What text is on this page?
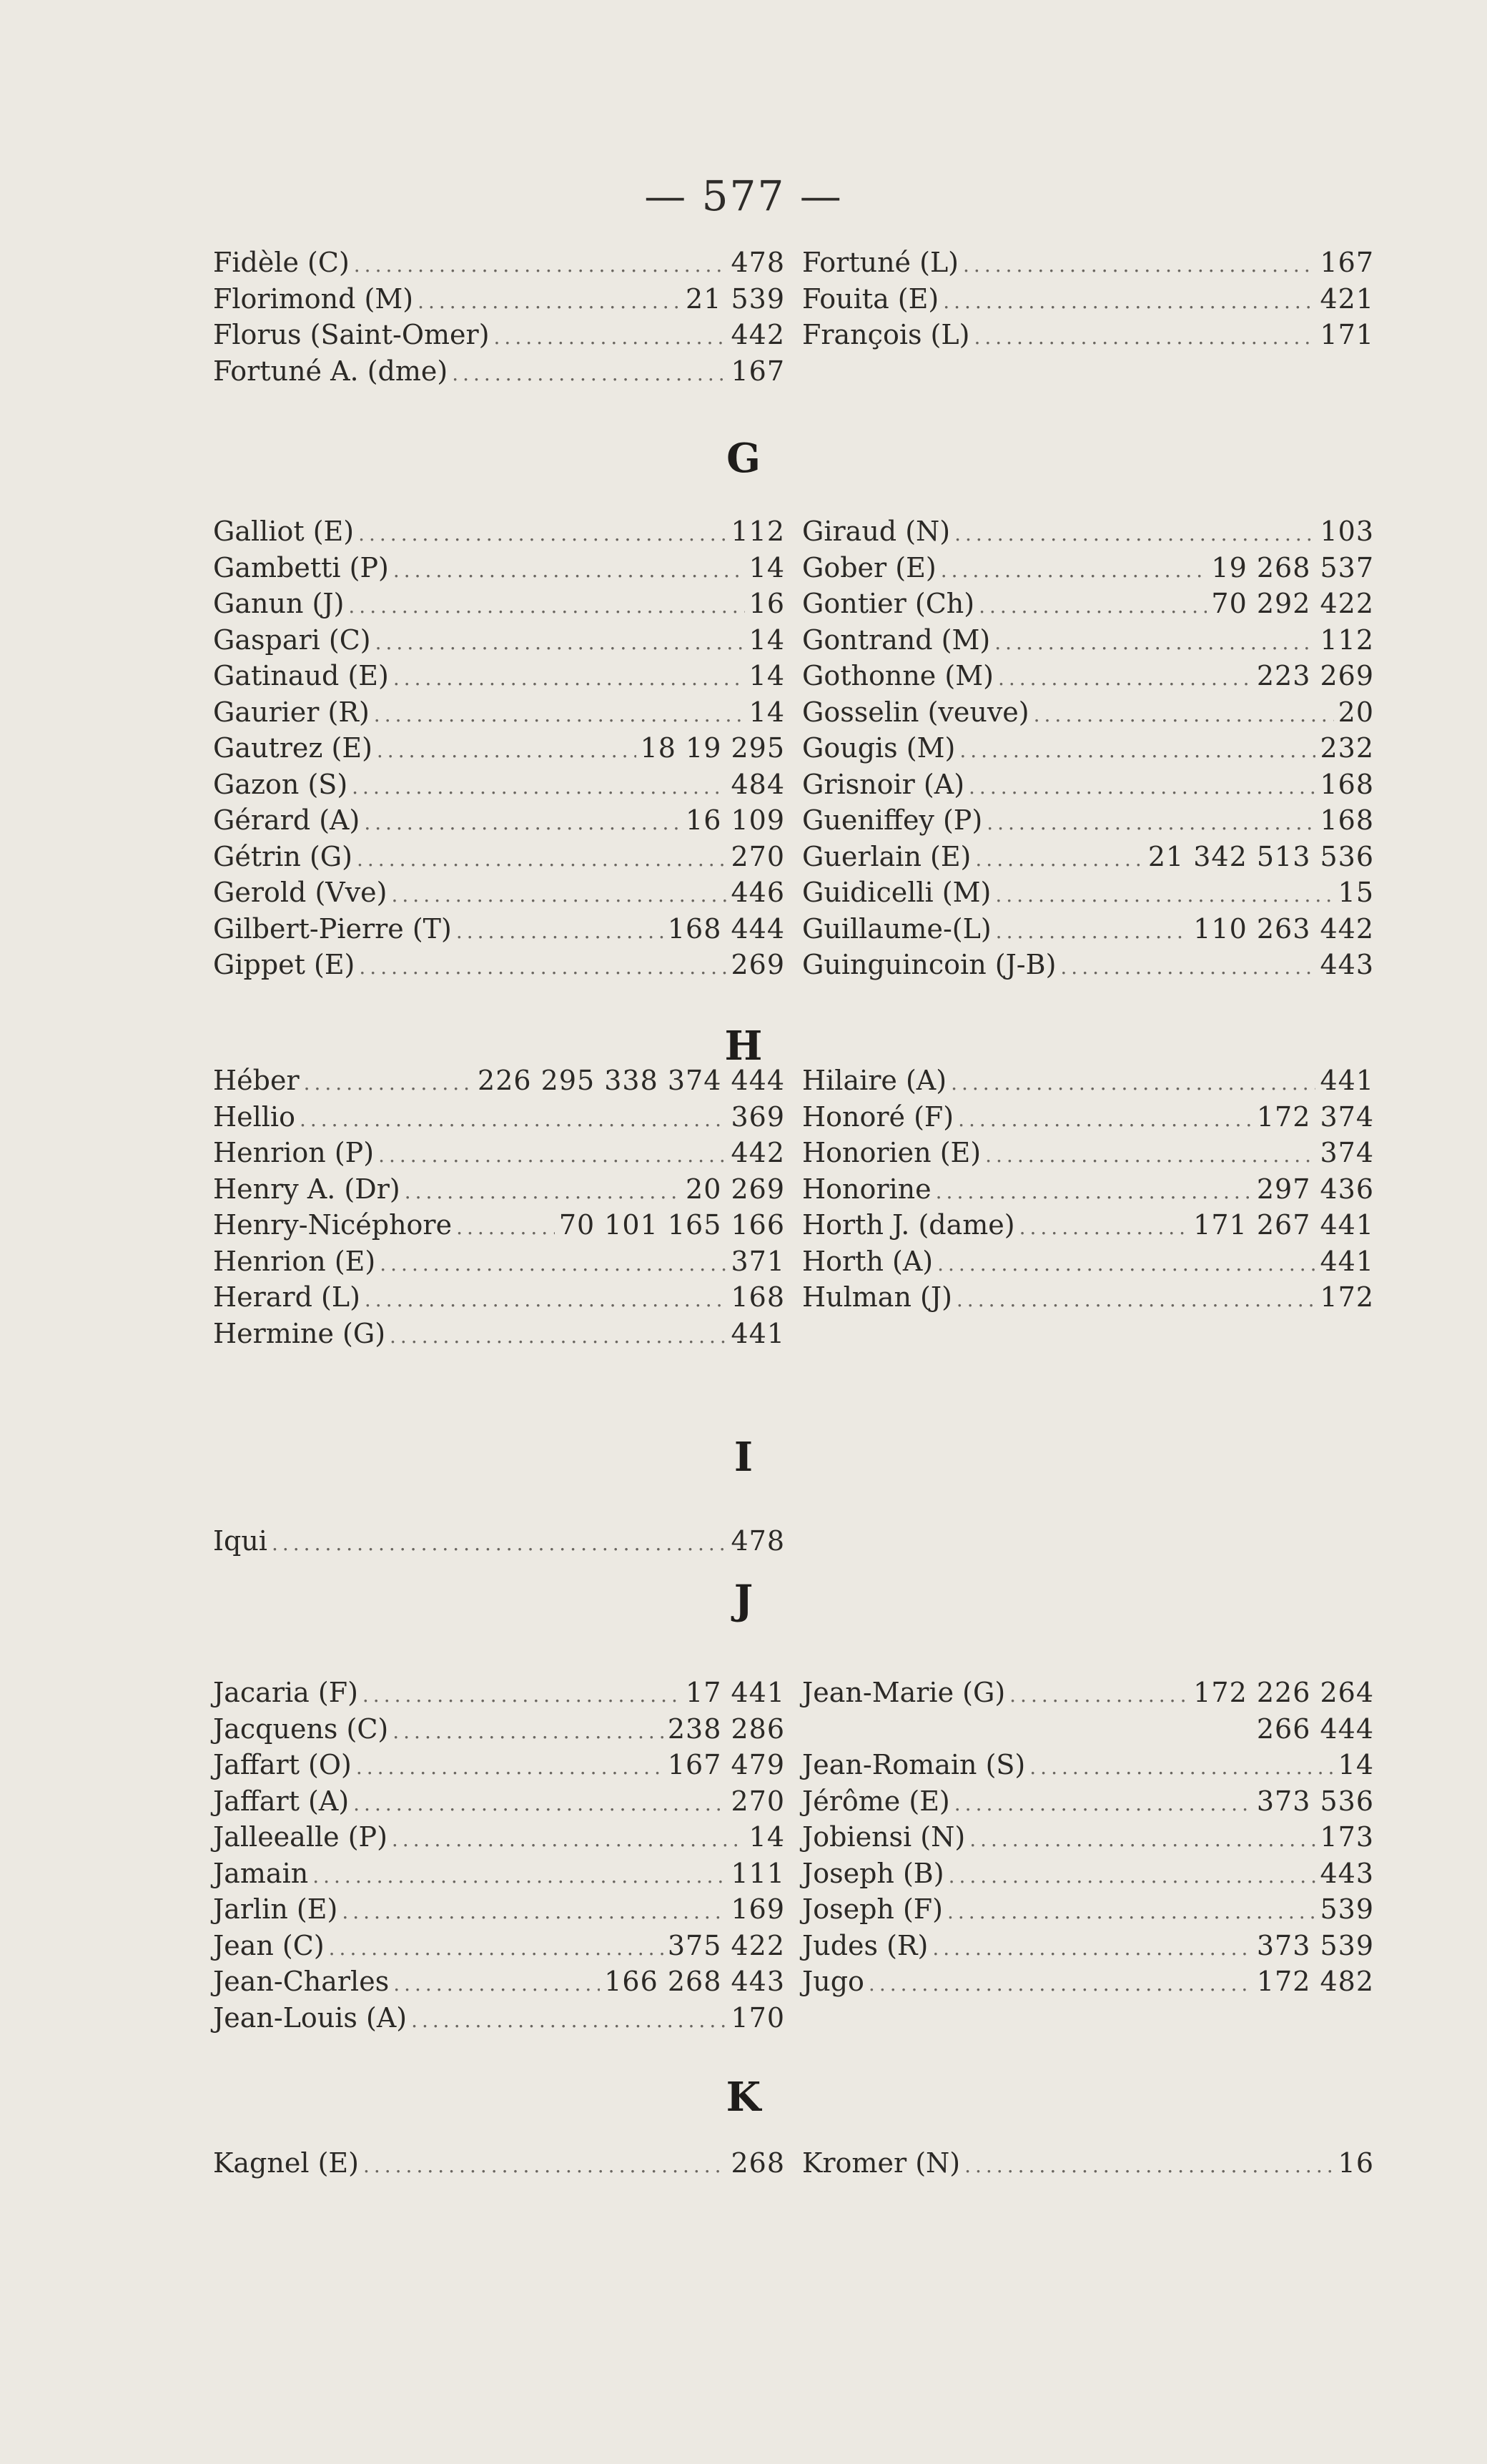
— 577 —
Fidèle (C) .....	478
Florimond (M) .....	21 539
Florus (Saint-Omer) .....	442
Fortuné A. (dme) .....	167
Fortuné (L) .....	167
Fouita (E) .....	421
François (L) .....	171
G
Galliot (E) .....	112
Gambetti (P) .....	14
Ganun (J) .....	16
Gaspari (C) .....	14
Gatinaud (E) .....	14
Gaurier (R) .....	14
Gautrez (E) .....	18 19 295
Gazon (S) .....	484
Gérard (A) .....	16 109
Gétrin (G) .....	270
Gerold (Vve) .....	446
Gilbert-Pierre (T) .....	168 444
Gippet (E) .....	269
Giraud (N) .....	103
Gober (E) .....	19 268 537
Gontier (Ch) .....	70 292 422
Gontrand (M) .....	112
Gothonne (M) .....	223 269
Gosselin (veuve) .....	20
Gougis (M) .....	232
Grisnoir (A) .....	168
Gueniffey (P) .....	168
Guerlain (E) .....	21 342 513 536
Guidicelli (M) .....	15
Guillaume-(L) .....	110 263 442
Guinguincoin (J-B) .....	443
H
Héber .....	226 295 338 374 444
Hellio .....	369
Henrion (P) .....	442
Henry A. (Dr) .....	20 269
Henry-Nicéphore .....	70 101 165 166
Henrion (E) .....	371
Herard (L) .....	168
Hermine (G) .....	441
Hilaire (A) .....	441
Honoré (F) .....	172 374
Honorien (E) .....	374
Honorine .....	297 436
Horth J. (dame) .....	171 267 441
Horth (A) .....	441
Hulman (J) .....	172
I
Iqui .....	478
J
Jacaria (F) .....	17 441
Jacquens (C) .....	238 286
Jaffart (O) .....	167 479
Jaffart (A) .....	270
Jalleealle (P) .....	14
Jamain .....	111
Jarlin (E) .....	169
Jean (C) .....	375 422
Jean-Charles .....	166 268 443
Jean-Louis (A) .....	170
Jean-Marie (G) .....	172 226 264
266 444
Jean-Romain (S) .....	14
Jérôme (E) .....	373 536
Jobiensi (N) .....	173
Joseph (B) .....	443
Joseph (F) .....	539
Judes (R) .....	373 539
Jugo .....	172 482
K
Kagnel (E) .....	268 Kromer (N) .....	16
